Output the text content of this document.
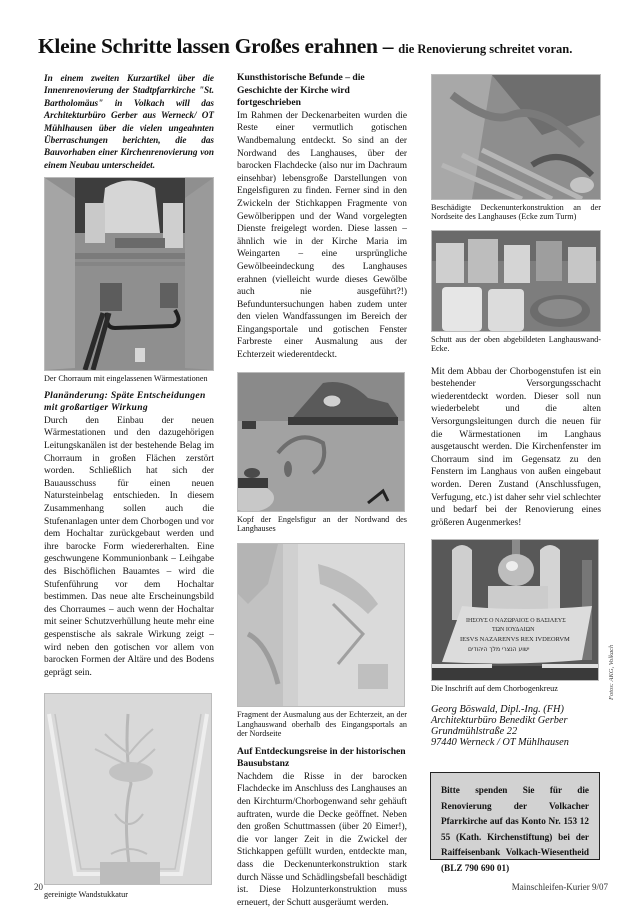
Kleine Schritte lassen Großes erahnen – die Renovierung schreitet voran.

In einem zweiten Kurzartikel über die Innenrenovierung der Stadtpfarrkirche "St. Bartholomäus" in Volkach will das Architekturbüro Gerber aus Werneck/ OT Mühlhausen über die vielen ungeahnten Überraschungen berichten, die das Bauvorhaben einer Kirchenrenovierung von einem Neubau unterscheidet.

Der Chorraum mit eingelassenen Wärmestationen
Planänderung: Späte Entscheidungen mit großartiger Wirkung

Durch den Einbau der neuen Wärmestationen und den dazugehörigen Leitungskanälen ist der bestehende Belag im Chorraum in großen Flächen zerstört worden. Schließlich hat sich der Bauausschuss für einen neuen Natursteinbelag entschieden. In diesem Zusammenhang sollen auch die Stufenanlagen unter dem Chorbogen und vor dem Hochaltar zurückgebaut werden und ihre barocke Form wiedererhalten. Eine geschwungene Kommunionbank – Leihgabe des Bischöflichen Bauamtes – wird die Stufenführung vor dem Hochaltar bestimmen. Das neue alte Erscheinungsbild des Chorraumes – auch wenn der Hochaltar mit seiner Schutzverhüllung heute mehr eine gespenstische als sakrale Wirkung zeigt – wird neben den gotischen vor allem von barocken Formen der Altäre und des Bodens geprägt sein.

gereinigte Wandstukkatur
Kunsthistorische Befunde – die Geschichte der Kirche wird fortgeschrieben

Im Rahmen der Deckenarbeiten wurden die Reste einer vermutlich gotischen Wandbemalung entdeckt. So sind an der Nordwand des Langhauses, über der barocken Flachdecke (also nur im Dachraum einsehbar) lebensgroße Darstellungen von Engelsfiguren zu finden. Ferner sind in den Zwickeln der Stichkappen Fragmente von Gewölberippen und der Wand vorgelegten Dienste freigelegt worden. Diese lassen – ähnlich wie in der Kirche Maria im Weingarten – eine ursprüngliche Gewölbeeindeckung des Langhauses erahnen (vielleicht wurde dieses Gewölbe auch nie ausgeführt?!) Befunduntersuchungen haben zudem unter den vielen Wandfassungen im Bereich der Eingangsportale und gotischen Fenster Farbreste einer Ausmalung aus der Echterzeit wiederentdeckt.

Kopf der Engelsfigur an der Nordwand des Langhauses
Fragment der Ausmalung aus der Echterzeit, an der Langhauswand oberhalb des Eingangsportals an der Nordseite
Auf Entdeckungsreise in der historischen Bausubstanz

Nachdem die Risse in der barocken Flachdecke im Anschluss des Langhauses an den Kirchturm/Chorbogenwand sehr gehäuft auftraten, wurde die Decke geöffnet. Neben den großen Schuttmassen (über 20 Eimer!), die vor langer Zeit in die Zwickel der Stichkappen gefüllt wurden, entdeckte man, dass die Deckenunterkonstruktion stark durch Nässe und Schädlingsbefall beschädigt ist. Diese Holzunterkonstruktion muss erneuert, der Schutt ausgeräumt werden.

Beschädigte Deckenunterkonstruktion an der Nordseite des Langhauses (Ecke zum Turm)
Schutt aus der oben abgebildeten Langhauswand-Ecke.

Mit dem Abbau der Chorbogenstufen ist ein bestehender Versorgungsschacht wiederentdeckt worden. Dieser soll nun wiederbelebt und die alten Versorgungsleitungen durch die neuen für die Wärmestationen im Langhaus ausgetauscht werden. Die Kirchenfenster im Chorraum sind im Gegensatz zu den Fenstern im Langhaus von außen eingebaut worden. Deren Zustand (Anschlussfugen, Verfugung, etc.) ist daher sehr viel schlechter und bedarf bei der Renovierung eines größeren Augenmerkes!

ΙΗΣΟΥΣ Ο ΝΑΖΩΡΑΙΟΣ Ο ΒΑΣΙΛΕΥΣ
ΤΩΝ ΙΟΥΔΑΙΩΝ
IESVS NAZARENVS REX IVDEORVM
ישוע הנצרי מלך היהודים
Die Inschrift auf dem Chorbogenkreuz
Georg Böswald, Dipl.-Ing. (FH)
Architekturbüro Benedikt Gerber
Grundmühlstraße 22
97440 Werneck / OT Mühlhausen
Fotos: AKG, Volkach

Bitte spenden Sie für die Renovierung der Volkacher Pfarrkirche auf das Konto Nr. 153 12 55 (Kath. Kirchenstiftung) bei der Raiffeisenbank Volkach-Wiesentheid (BLZ 790 690 01)

20	Mainschleifen-Kurier 9/07
